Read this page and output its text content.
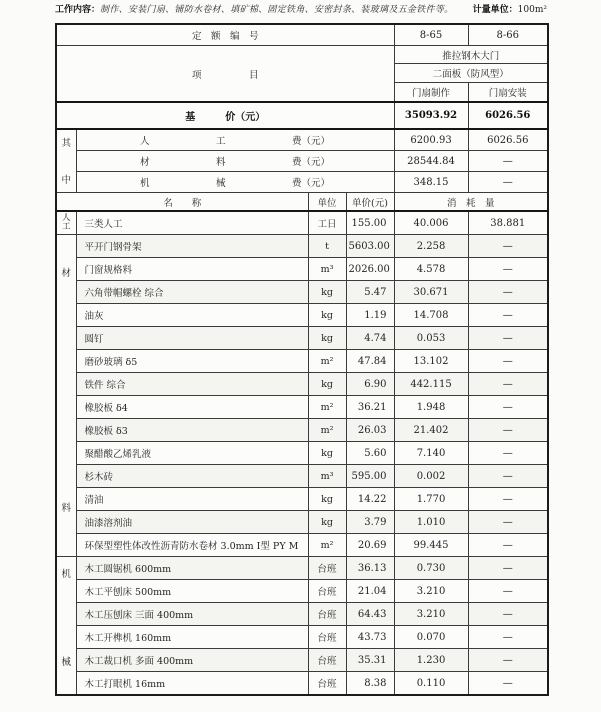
工作内容：制作、安装门扇、铺防水卷材、填矿棉、固定铁角、安密封条、装玻璃及五金铁件等。 计量单位：100m²
定　额　编　号				8-65	8-66
项　　　　　目				推拉钢木大门	
				二面板（防风型）	
				门扇制作	门扇安装
基　　　价（元）				35093.92	6026.56

其
中	人　　　　　　　工　　　　　　　费（元）			6200.93	6026.56
	材　　　　　　　料　　　　　　　费（元）			28544.84	—
	机　　　　　　　械　　　　　　　费（元）			348.15	—
名　　称		单位	单价(元)	消　耗　量	

人
工	三类人工	工日	155.00	40.006	38.881

材
料	平开门钢骨架	t	5603.00	2.258	—
	门窗规格料	m³	2026.00	4.578	—
	六角带帽螺栓 综合	kg	5.47	30.671	—
	油灰	kg	1.19	14.708	—
	圆钉	kg	4.74	0.053	—
	磨砂玻璃 δ5	m²	47.84	13.102	—
	铁件 综合	kg	6.90	442.115	—
	橡胶板 δ4	m²	36.21	1.948	—
	橡胶板 δ3	m²	26.03	21.402	—
	聚醋酸乙烯乳液	kg	5.60	7.140	—
	杉木砖	m³	595.00	0.002	—
	清油	kg	14.22	1.770	—
	油漆溶剂油	kg	3.79	1.010	—
	环保型塑性体改性沥青防水卷材 3.0mm Ⅰ型 PY M	m²	20.69	99.445	—

机
械	木工圆锯机 600mm	台班	36.13	0.730	—
	木工平刨床 500mm	台班	21.04	3.210	—
	木工压刨床 三面 400mm	台班	64.43	3.210	—
	木工开榫机 160mm	台班	43.73	0.070	—
	木工裁口机 多面 400mm	台班	35.31	1.230	—
	木工打眼机 16mm	台班	8.38	0.110	—
